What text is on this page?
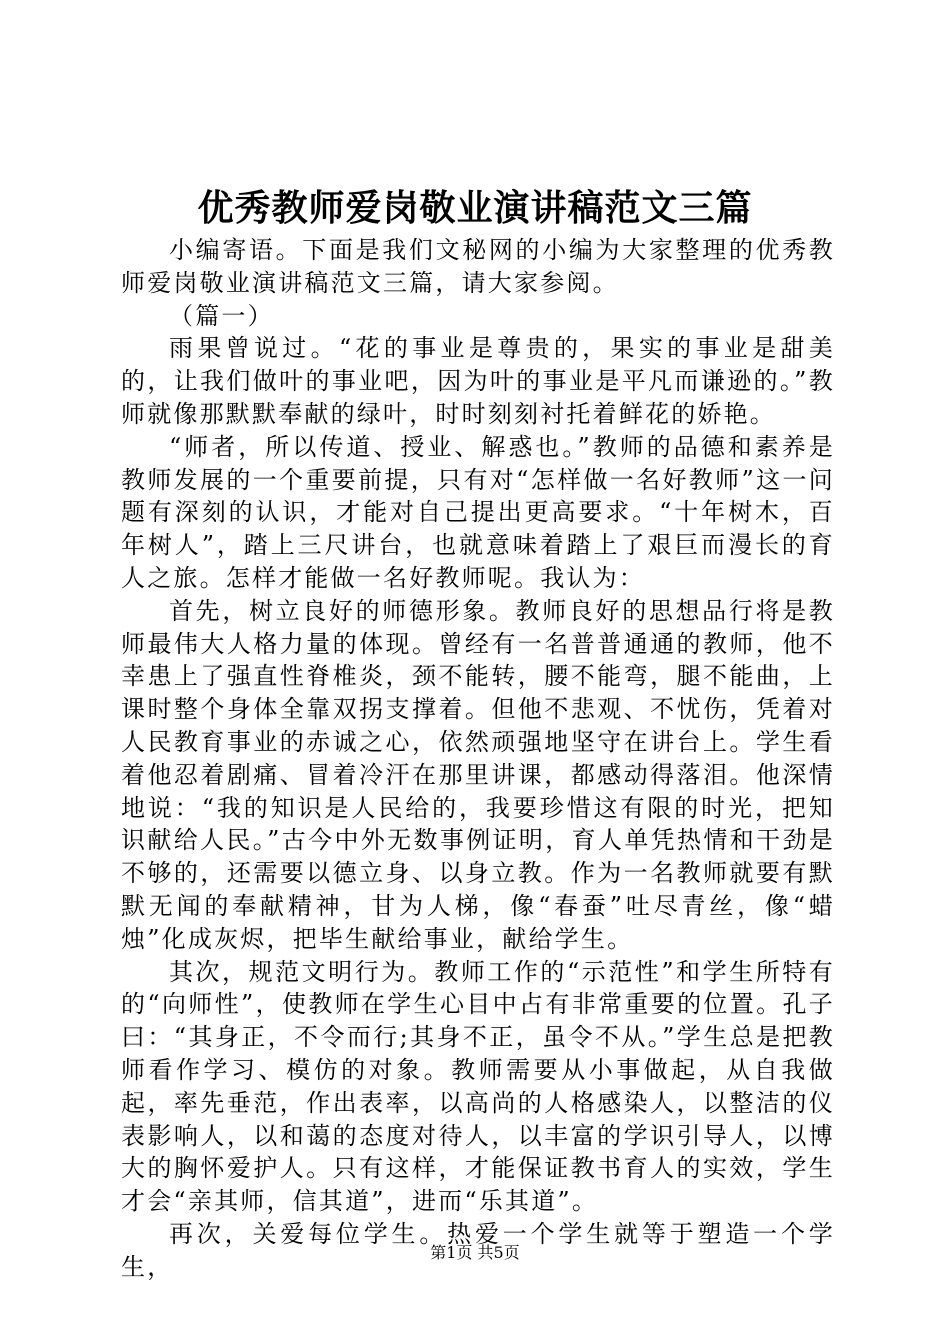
优秀教师爱岗敬业演讲稿范文三篇

小编寄语。下面是我们文秘网的小编为大家整理的优秀教师爱岗敬业演讲稿范文三篇，请大家参阅。

（篇一）

雨果曾说过。“花的事业是尊贵的，果实的事业是甜美的，让我们做叶的事业吧，因为叶的事业是平凡而谦逊的。”教师就像那默默奉献的绿叶，时时刻刻衬托着鲜花的娇艳。

“师者，所以传道、授业、解惑也。”教师的品德和素养是教师发展的一个重要前提，只有对“怎样做一名好教师”这一问题有深刻的认识，才能对自己提出更高要求。“十年树木，百年树人”，踏上三尺讲台，也就意味着踏上了艰巨而漫长的育人之旅。怎样才能做一名好教师呢。我认为：

首先，树立良好的师德形象。教师良好的思想品行将是教师最伟大人格力量的体现。曾经有一名普普通通的教师，他不幸患上了强直性脊椎炎，颈不能转，腰不能弯，腿不能曲，上课时整个身体全靠双拐支撑着。但他不悲观、不忧伤，凭着对人民教育事业的赤诚之心，依然顽强地坚守在讲台上。学生看着他忍着剧痛、冒着冷汗在那里讲课，都感动得落泪。他深情地说：“我的知识是人民给的，我要珍惜这有限的时光，把知识献给人民。”古今中外无数事例证明，育人单凭热情和干劲是不够的，还需要以德立身、以身立教。作为一名教师就要有默默无闻的奉献精神，甘为人梯，像“春蚕”吐尽青丝，像“蜡烛”化成灰烬，把毕生献给事业，献给学生。

其次，规范文明行为。教师工作的“示范性”和学生所特有的“向师性”，使教师在学生心目中占有非常重要的位置。孔子曰：“其身正，不令而行;其身不正，虽令不从。”学生总是把教师看作学习、模仿的对象。教师需要从小事做起，从自我做起，率先垂范，作出表率，以高尚的人格感染人，以整洁的仪表影响人，以和蔼的态度对待人，以丰富的学识引导人，以博大的胸怀爱护人。只有这样，才能保证教书育人的实效，学生才会“亲其师，信其道”，进而“乐其道”。

再次，关爱每位学生。热爱一个学生就等于塑造一个学生，

第1页 共5页
